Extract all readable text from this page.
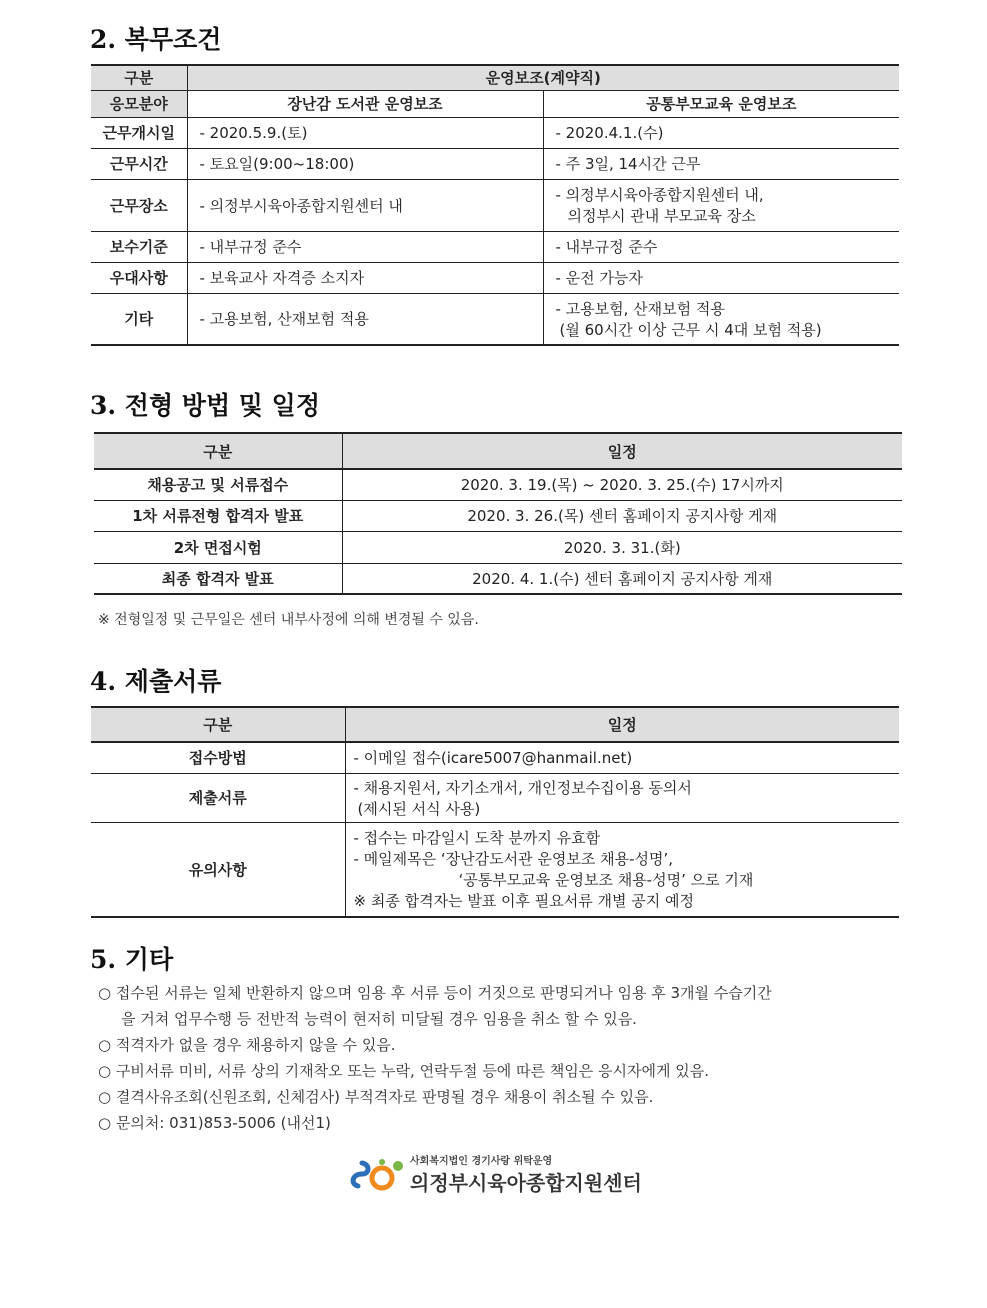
2. 복무조건
구분	운영보조(계약직)	
응모분야	장난감 도서관 운영보조	공통부모교육 운영보조
근무개시일	- 2020.5.9.(토)	- 2020.4.1.(수)

근무시간	- 토요일(9:00~18:00)	- 주 3일, 14시간 근무

근무장소	- 의정부시육아종합지원센터 내	- 의정부시육아종합지원센터 내,
의정부시 관내 부모교육 장소

보수기준	- 내부규정 준수	- 내부규정 준수

우대사항	- 보육교사 자격증 소지자	- 운전 가능자

기타	- 고용보험, 산재보험 적용	- 고용보험, 산재보험 적용
(월 60시간 이상 근무 시 4대 보험 적용)
3. 전형 방법 및 일정
구분	일정
채용공고 및 서류접수	2020. 3. 19.(목) ~ 2020. 3. 25.(수) 17시까지
1차 서류전형 합격자 발표	2020. 3. 26.(목) 센터 홈페이지 공지사항 게재
2차 면접시험	2020. 3. 31.(화)
최종 합격자 발표	2020. 4. 1.(수) 센터 홈페이지 공지사항 게재

※ 전형일정 및 근무일은 센터 내부사정에 의해 변경될 수 있음.

4. 제출서류
구분	일정
접수방법	- 이메일 접수(icare5007@hanmail.net)

제출서류	- 채용지원서, 자기소개서, 개인정보수집이용 동의서
(제시된 서식 사용)

유의사항	- 접수는 마감일시 도착 분까지 유효함
- 메일제목은 ‘장난감도서관 운영보조 채용-성명’,
‘공통부모교육 운영보조 채용-성명’ 으로 기재
※ 최종 합격자는 발표 이후 필요서류 개별 공지 예정
5. 기타

○ 접수된 서류는 일체 반환하지 않으며 임용 후 서류 등이 거짓으로 판명되거나 임용 후 3개월 수습기간

을 거쳐 업무수행 등 전반적 능력이 현저히 미달될 경우 임용을 취소 할 수 있음.

○ 적격자가 없을 경우 채용하지 않을 수 있음.

○ 구비서류 미비, 서류 상의 기재착오 또는 누락, 연락두절 등에 따른 책임은 응시자에게 있음.

○ 결격사유조회(신원조회, 신체검사) 부적격자로 판명될 경우 채용이 취소될 수 있음.

○ 문의처: 031)853-5006 (내선1)

사회복지법인 경기사랑 위탁운영
의정부시육아종합지원센터
